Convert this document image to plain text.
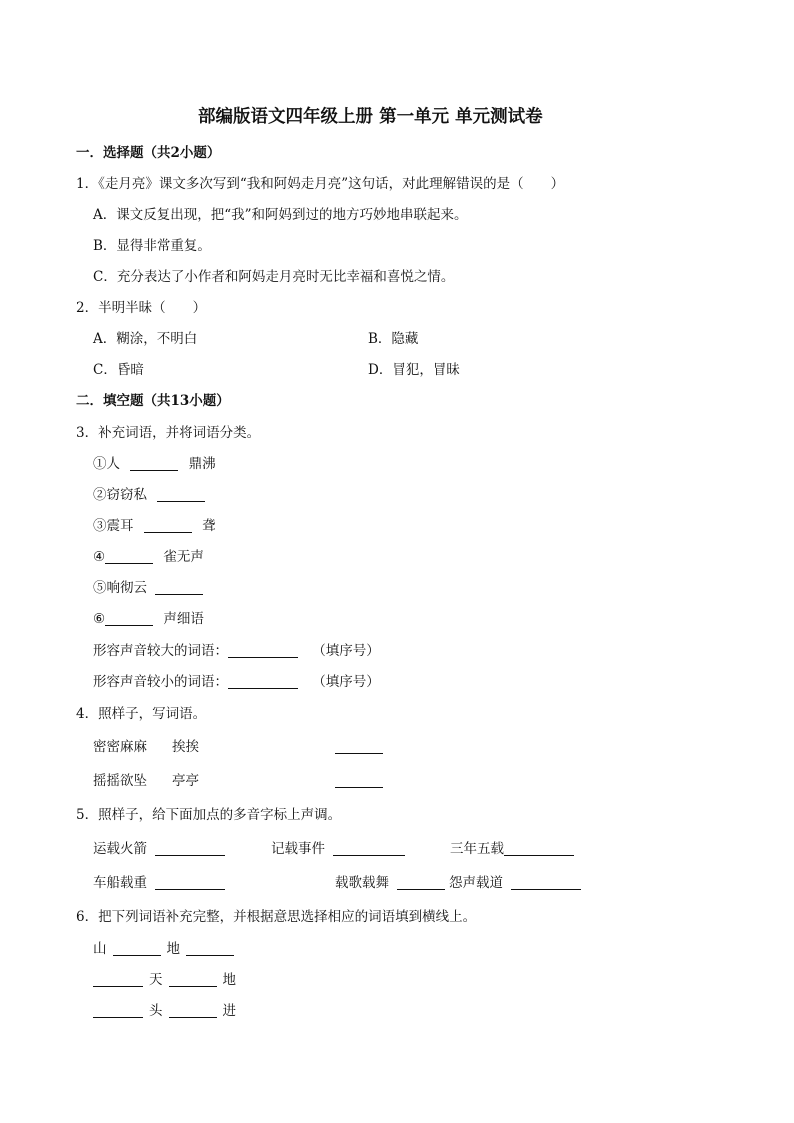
部编版语文四年级上册 第一单元 单元测试卷
一．选择题（共2小题）
1．《走月亮》课文多次写到“我和阿妈走月亮”这句话，对此理解错误的是（　　）
A．课文反复出现，把“我”和阿妈到过的地方巧妙地串联起来。
B．显得非常重复。
C．充分表达了小作者和阿妈走月亮时无比幸福和喜悦之情。
2．半明半昧（　　）
A．糊涂，不明白	B．隐藏
C．昏暗	D．冒犯，冒昧
二．填空题（共13小题）
3．补充词语，并将词语分类。
①人	鼎沸
②窃窃私
③震耳	聋
④	雀无声
⑤响彻云
⑥	声细语
形容声音较大的词语：	（填序号）
形容声音较小的词语：	（填序号）
4．照样子，写词语。
密密麻麻 挨挨
摇摇欲坠 亭亭
5．照样子，给下面加点的多音字标上声调。
运载火箭	记载事件	三年五载
车船载重	载歌载舞	怨声载道
6．把下列词语补充完整，并根据意思选择相应的词语填到横线上。
山	地
天	地
头	进
